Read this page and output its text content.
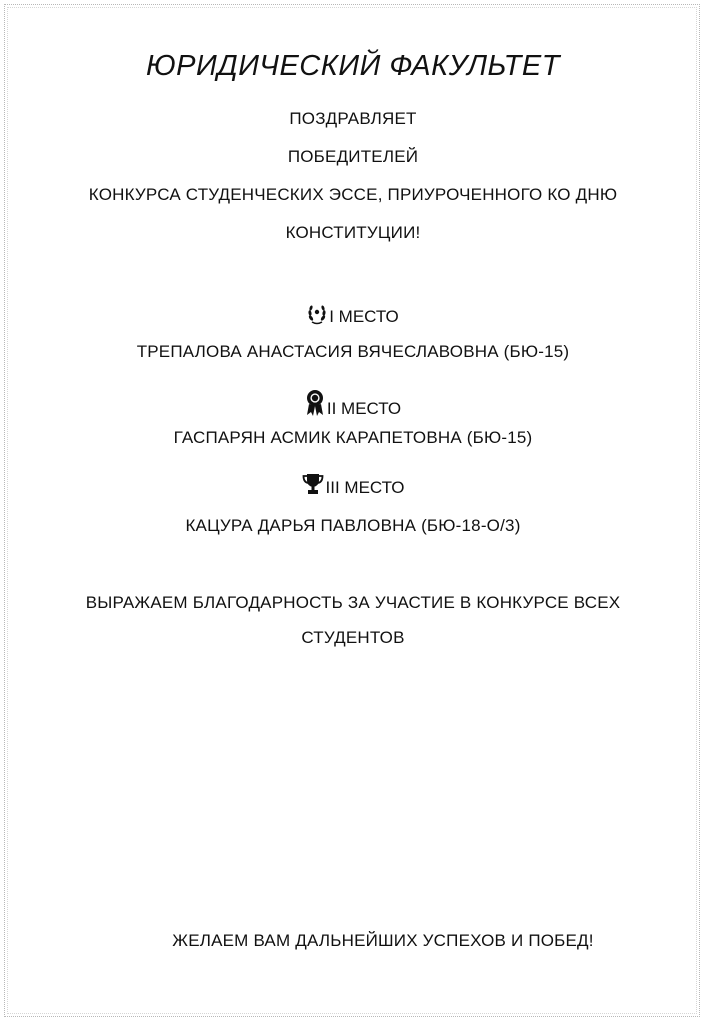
ЮРИДИЧЕСКИЙ ФАКУЛЬТЕТ
ПОЗДРАВЛЯЕТ
ПОБЕДИТЕЛЕЙ
КОНКУРСА СТУДЕНЧЕСКИХ ЭССЕ, ПРИУРОЧЕННОГО КО ДНЮ
КОНСТИТУЦИИ!
I МЕСТО
ТРЕПАЛОВА АНАСТАСИЯ ВЯЧЕСЛАВОВНА (БЮ-15)
II МЕСТО
ГАСПАРЯН АСМИК КАРАПЕТОВНА (БЮ-15)
III МЕСТО
КАЦУРА ДАРЬЯ ПАВЛОВНА (БЮ-18-О/3)
ВЫРАЖАЕМ БЛАГОДАРНОСТЬ ЗА УЧАСТИЕ В КОНКУРСЕ ВСЕХ
СТУДЕНТОВ
ЖЕЛАЕМ ВАМ ДАЛЬНЕЙШИХ УСПЕХОВ И ПОБЕД!
